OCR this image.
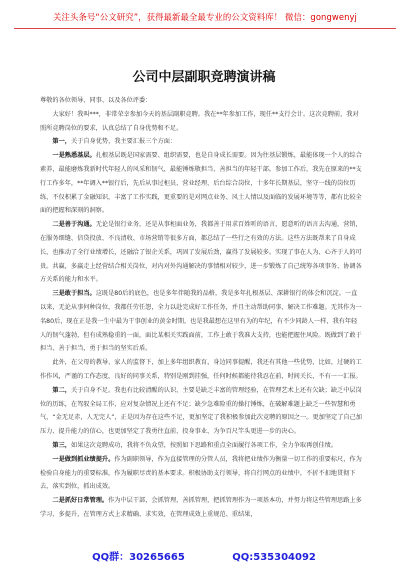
关注头条号“公文研究”，获得最新最全最专业的公文资料库！ 微信：gongwenyj
公司中层副职竞聘演讲稿

尊敬的各位领导、同事、以及各位评委：

大家好！我叫***，非常荣幸参加今天的基层副职竞聘。我在**年参加工作，现任**支行会计。这次竞聘前，我对照所竞聘岗位的要求，认真总结了自身优势和不足。

第一，关于自身优势，我主要汇报三个方面：

一是熟悉基层。扎根基层既是国家需要、组织需要，也是自身成长需要。因为往基层锻炼，最能体现一个人的综合素养，最能磨炼我新时代年轻人的风采和韧气，最能锤炼敬担当、善担当的年轻干部。参加工作后，我先在原来的**支行工作多年，**年调入**银行后，先后从事过柜员、营业经理、后台综合岗位，十多年长期基层，坚守一线的岗位历练，不仅积累了金融知识，丰富了工作实践，更重要的是对网点业务、风土人情以及面临的发展环境等等，都有比较全面的把握和深刻的洞察。

二是善于沟通。无论是银行业务，还是从事柜面业务，我都善于用求百姓听的语言，愿意听的语言去沟通，营销，在服务细缝、信贷投放、不良清收、市场营销等很多方面，都总结了一些行之有效的方法。这些方法既帮来了自身成长，也推动了全行业绩增长，还融洽了银企关系，巩固了发展后劲，赢得了发展较多。实现了事在人为、心齐于人的可贵。共赢，多赢走上经营结合相关岗位，对内对外沟通解决的事情相对较少，进一步锻炼了自己统筹各项事务、协调各方关系的能力和水平。

三是敢于担当。这既是80后的底色，也是多年伴随我的品格，我是多年扎根基层、深耕银行的体会和沉淀。一直以来，无论从事何种岗位，我都任劳任怨，全力以赴完成好工作任务，并且主动帮助同事，解决工作难题。无其作为一名80后，现在正是我一生中最为干事创业的黄金时期，也是我最想在这里有为的年纪，有不少同龄人一样，我有年轻人的韧气蓬勃，但有成熟稳重的一面，面比某相关实践面前，工作上敢于我准大支持，也能把握住风险。既做到了敢于担当、善于担当，勇于担当的坚实后盾。

此外，在父母的教导、家人的监督下，加上多年组织教育，身边同事提醒，我还有其他一些优势，比如，过硬的工作作风，严谨的工作态度，良好的同事关系，特别是刚到挂强，任何时候都能待我忍在前，时间关长、不有一一汇报。

第二，关于自身不足。我也有比较清醒的认识，主要是缺乏丰富的管理经验，在管理艺术上还有欠缺；缺乏中层岗位的历练，在驾驭全局工作、应对复杂情况上还有不足；缺少急难险重的操打锤炼，在破解难题上缺乏一些智慧和勇气，“金无足赤，人无完人”，正是因为存在这些不足，更加坚定了我积极参加此次竞聘的原因之一。更加坚定了自己加压力、提升能力的信心，也更加坚定了我勇往直前、投身事业、为争百尺竿头更进一步的决心。

第三，如果这次竞聘成功，我将不负众望，按照如下思路和重点全面履行各项工作，全力争取再创佳绩。

一是做到抓业绩提升。作为副职领导，作为直接管理的分管人员，我将把业绩作为衡量一切工作的重要标尺，作为检验自身能力的重要标准，作为履职尽责的基本要求。积极协助支行领导，将自行网点的业绩中，不折不扣地贯彻下去，落实到位，抓出成效。

二是抓好日常管理。作为中层干部，会抓管理，善抓管理，把抓管理作为一项基本功，并努力将这些管理思路上多学习、多提升，在管理方式上求精确、求实效，在管理成效上重规范、重结果，

QQ群：30265665	QQ:535304092
